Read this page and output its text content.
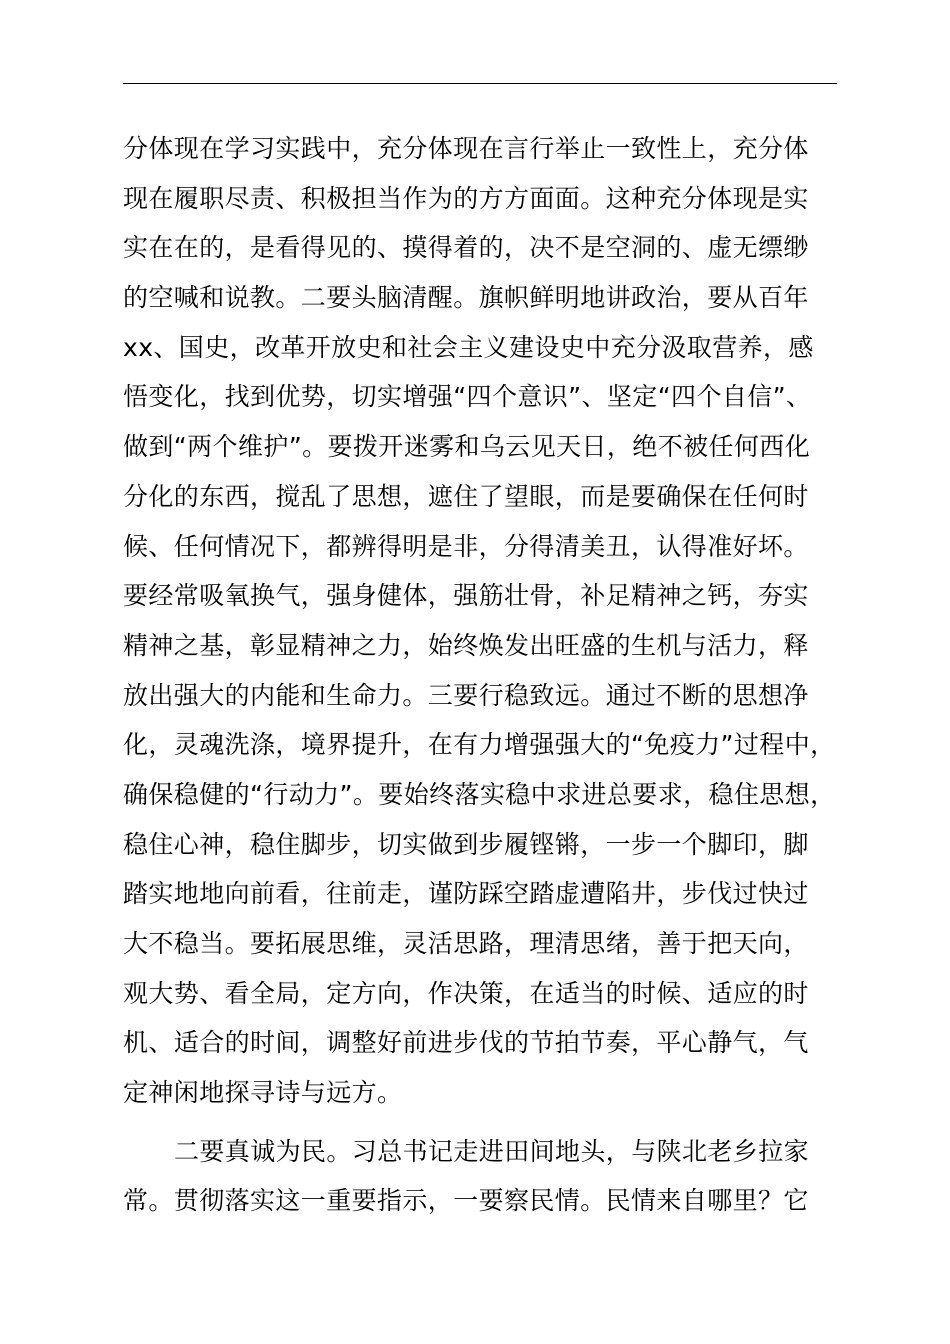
分体现在学习实践中，充分体现在言行举止一致性上，充分体
现在履职尽责、积极担当作为的方方面面。这种充分体现是实
实在在的，是看得见的、摸得着的，决不是空洞的、虚无缥缈
的空喊和说教。二要头脑清醒。旗帜鲜明地讲政治，要从百年
xx、国史，改革开放史和社会主义建设史中充分汲取营养，感
悟变化，找到优势，切实增强“四个意识”、坚定“四个自信”、
做到“两个维护”。要拨开迷雾和乌云见天日，绝不被任何西化
分化的东西，搅乱了思想，遮住了望眼，而是要确保在任何时
候、任何情况下，都辨得明是非，分得清美丑，认得准好坏。
要经常吸氧换气，强身健体，强筋壮骨，补足精神之钙，夯实
精神之基，彰显精神之力，始终焕发出旺盛的生机与活力，释
放出强大的内能和生命力。三要行稳致远。通过不断的思想净
化，灵魂洗涤，境界提升，在有力增强强大的“免疫力”过程中，
确保稳健的“行动力”。要始终落实稳中求进总要求，稳住思想，
稳住心神，稳住脚步，切实做到步履铿锵，一步一个脚印，脚
踏实地地向前看，往前走，谨防踩空踏虚遭陷井，步伐过快过
大不稳当。要拓展思维，灵活思路，理清思绪，善于把天向，
观大势、看全局，定方向，作决策，在适当的时候、适应的时
机、适合的时间，调整好前进步伐的节拍节奏，平心静气，气
定神闲地探寻诗与远方。
二要真诚为民。习总书记走进田间地头，与陕北老乡拉家
常。贯彻落实这一重要指示，一要察民情。民情来自哪里？它
